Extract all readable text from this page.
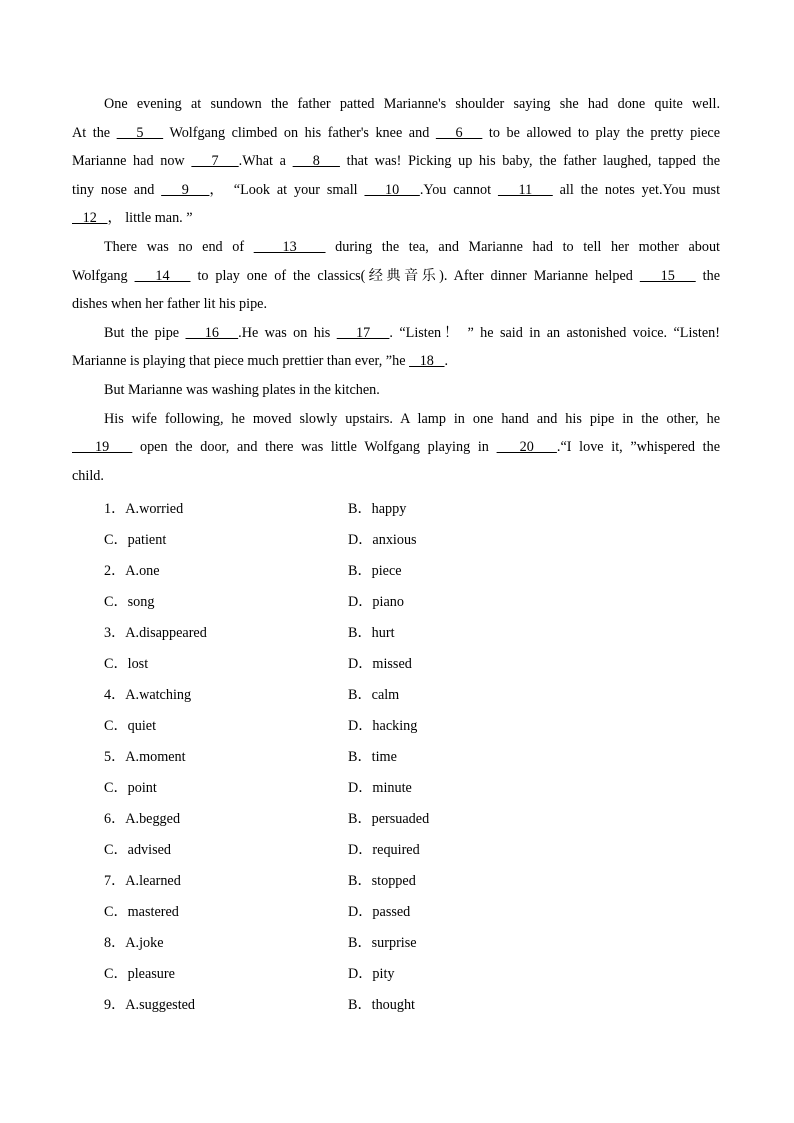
One evening at sundown the father patted Marianne's shoulder saying she had done quite well.

At the    5    Wolfgang climbed on his father's knee and    6    to be allowed to play the pretty piece

Marianne had now    7   .What a    8    that was! Picking up his baby, the father laughed, tapped the

tiny nose and    9   ， “Look at your small    10   .You cannot    11    all the notes yet.You must

12   ， little man. ”

There was no end of    13    during the tea, and Marianne had to tell her mother about

Wolfgang    14    to play one of the classics(经典音乐). After dinner Marianne helped    15    the

dishes when her father lit his pipe.

But the pipe    16   .He was on his    17   . “Listen！ ” he said in an astonished voice. “Listen!

Marianne is playing that piece much prettier than ever, ”he    18   .

But Marianne was washing plates in the kitchen.

His wife following, he moved slowly upstairs. A lamp in one hand and his pipe in the other, he

19    open the door, and there was little Wolfgang playing in    20   .“I love it, ”whispered the

child.

1．A.worried	B．happy
C．patient	D．anxious
2．A.one	B．piece
C．song	D．piano
3．A.disappeared	B．hurt
C．lost	D．missed
4．A.watching	B．calm
C．quiet	D．hacking
5．A.moment	B．time
C．point	D．minute
6．A.begged	B．persuaded
C．advised	D．required
7．A.learned	B．stopped
C．mastered	D．passed
8．A.joke	B．surprise
C．pleasure	D．pity
9．A.suggested	B．thought
